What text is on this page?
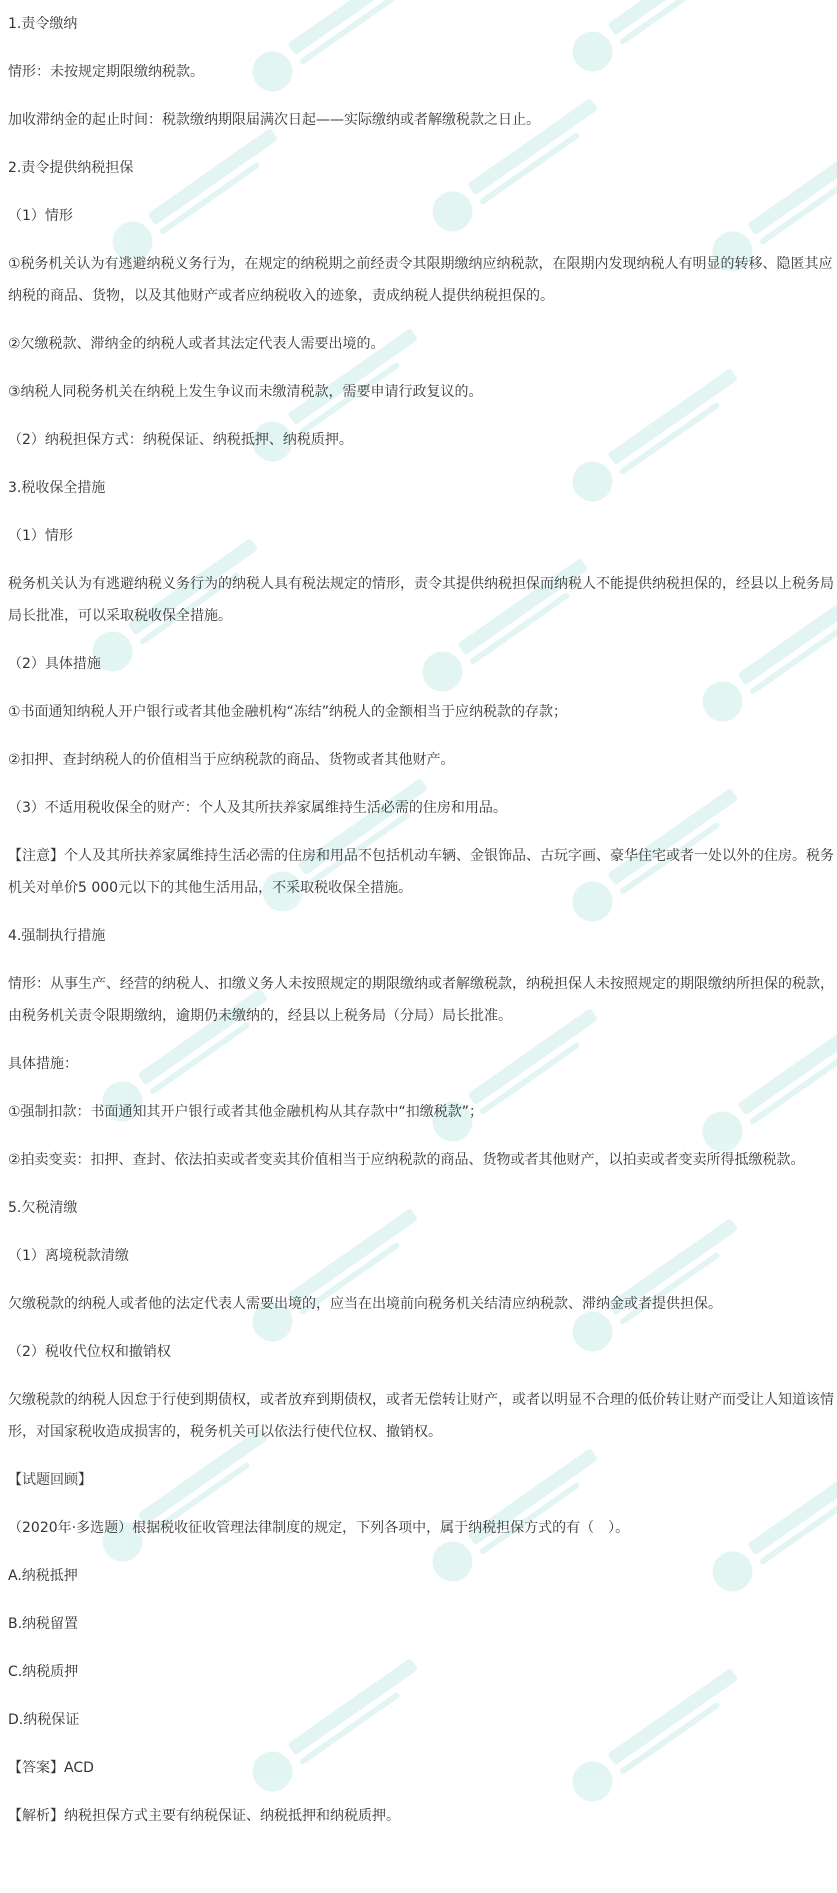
1.责令缴纳

情形：未按规定期限缴纳税款。

加收滞纳金的起止时间：税款缴纳期限届满次日起——实际缴纳或者解缴税款之日止。

2.责令提供纳税担保

（1）情形

①税务机关认为有逃避纳税义务行为，在规定的纳税期之前经责令其限期缴纳应纳税款，在限期内发现纳税人有明显的转移、隐匿其应纳税的商品、货物，以及其他财产或者应纳税收入的迹象，责成纳税人提供纳税担保的。

②欠缴税款、滞纳金的纳税人或者其法定代表人需要出境的。

③纳税人同税务机关在纳税上发生争议而未缴清税款，需要申请行政复议的。

（2）纳税担保方式：纳税保证、纳税抵押、纳税质押。

3.税收保全措施

（1）情形

税务机关认为有逃避纳税义务行为的纳税人具有税法规定的情形，责令其提供纳税担保而纳税人不能提供纳税担保的，经县以上税务局局长批准，可以采取税收保全措施。

（2）具体措施

①书面通知纳税人开户银行或者其他金融机构“冻结”纳税人的金额相当于应纳税款的存款；

②扣押、查封纳税人的价值相当于应纳税款的商品、货物或者其他财产。

（3）不适用税收保全的财产：个人及其所扶养家属维持生活必需的住房和用品。

【注意】个人及其所扶养家属维持生活必需的住房和用品不包括机动车辆、金银饰品、古玩字画、豪华住宅或者一处以外的住房。税务机关对单价5 000元以下的其他生活用品，不采取税收保全措施。

4.强制执行措施

情形：从事生产、经营的纳税人、扣缴义务人未按照规定的期限缴纳或者解缴税款，纳税担保人未按照规定的期限缴纳所担保的税款，由税务机关责令限期缴纳，逾期仍未缴纳的，经县以上税务局（分局）局长批准。

具体措施：

①强制扣款：书面通知其开户银行或者其他金融机构从其存款中“扣缴税款”；

②拍卖变卖：扣押、查封、依法拍卖或者变卖其价值相当于应纳税款的商品、货物或者其他财产，以拍卖或者变卖所得抵缴税款。

5.欠税清缴

（1）离境税款清缴

欠缴税款的纳税人或者他的法定代表人需要出境的，应当在出境前向税务机关结清应纳税款、滞纳金或者提供担保。

（2）税收代位权和撤销权

欠缴税款的纳税人因怠于行使到期债权，或者放弃到期债权，或者无偿转让财产，或者以明显不合理的低价转让财产而受让人知道该情形，对国家税收造成损害的，税务机关可以依法行使代位权、撤销权。

【试题回顾】

（2020年·多选题）根据税收征收管理法律制度的规定，下列各项中，属于纳税担保方式的有（　）。

A.纳税抵押

B.纳税留置

C.纳税质押

D.纳税保证

【答案】ACD

【解析】纳税担保方式主要有纳税保证、纳税抵押和纳税质押。
